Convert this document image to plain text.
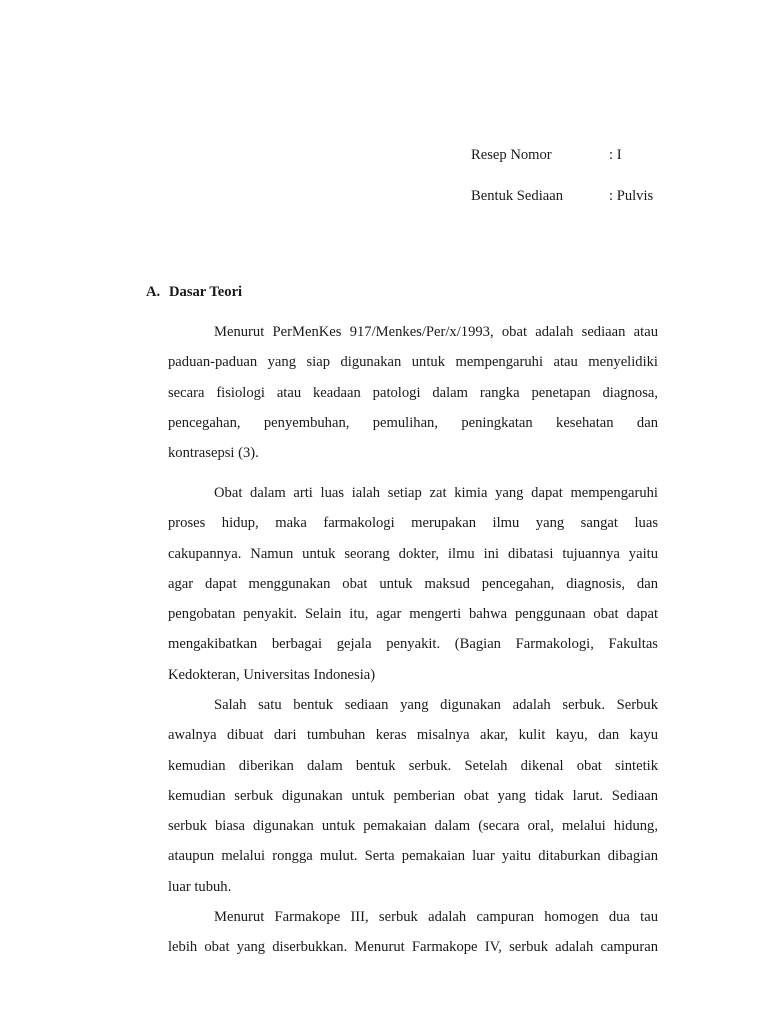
Resep Nomor	: I
Bentuk Sediaan	: Pulvis
A. Dasar Teori
Menurut PerMenKes 917/Menkes/Per/x/1993, obat adalah sediaan atau
paduan-paduan yang siap digunakan untuk mempengaruhi atau menyelidiki
secara fisiologi atau keadaan patologi dalam rangka penetapan diagnosa,
pencegahan, penyembuhan, pemulihan, peningkatan kesehatan dan
kontrasepsi (3).
Obat dalam arti luas ialah setiap zat kimia yang dapat mempengaruhi
proses hidup, maka farmakologi merupakan ilmu yang sangat luas
cakupannya. Namun untuk seorang dokter, ilmu ini dibatasi tujuannya yaitu
agar dapat menggunakan obat untuk maksud pencegahan, diagnosis, dan
pengobatan penyakit. Selain itu, agar mengerti bahwa penggunaan obat dapat
mengakibatkan berbagai gejala penyakit. (Bagian Farmakologi, Fakultas
Kedokteran, Universitas Indonesia)
Salah satu bentuk sediaan yang digunakan adalah serbuk. Serbuk
awalnya dibuat dari tumbuhan keras misalnya akar, kulit kayu, dan kayu
kemudian diberikan dalam bentuk serbuk. Setelah dikenal obat sintetik
kemudian serbuk digunakan untuk pemberian obat yang tidak larut. Sediaan
serbuk biasa digunakan untuk pemakaian dalam (secara oral, melalui hidung,
ataupun melalui rongga mulut. Serta pemakaian luar yaitu ditaburkan dibagian
luar tubuh.
Menurut Farmakope III, serbuk adalah campuran homogen dua tau
lebih obat yang diserbukkan. Menurut Farmakope IV, serbuk adalah campuran
